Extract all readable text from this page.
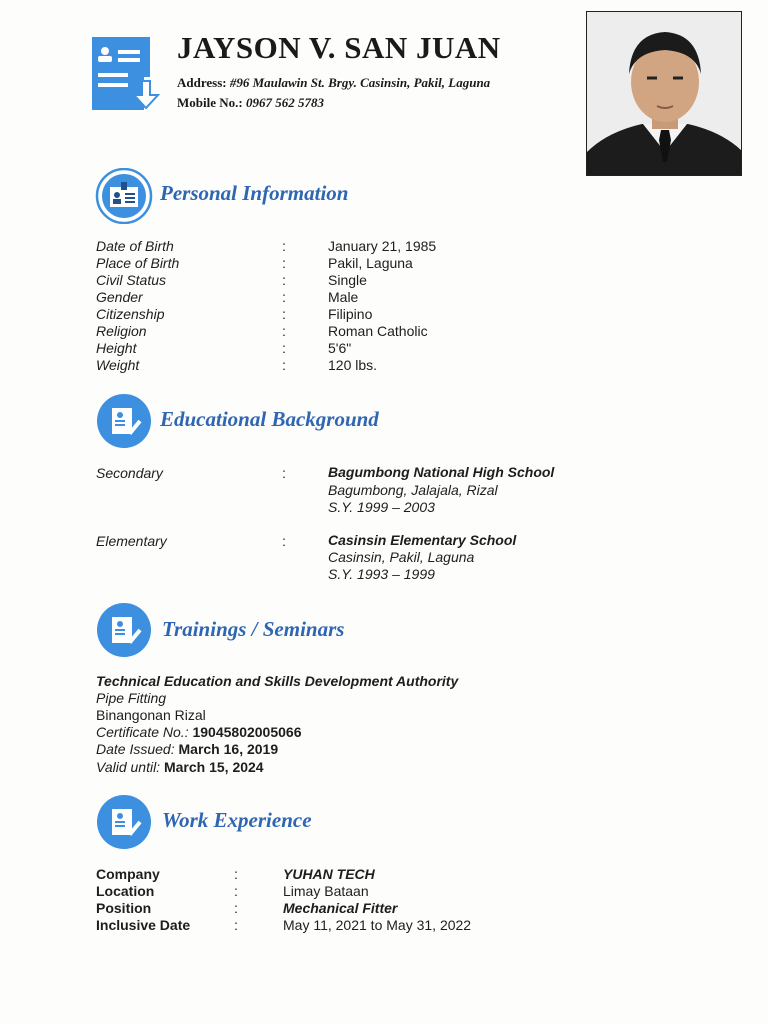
JAYSON V. SAN JUAN
Address: #96 Maulawin St. Brgy. Casinsin, Pakil, Laguna
Mobile No.: 0967 562 5783
Personal Information
Date of Birth	:	January 21, 1985
Place of Birth	:	Pakil, Laguna
Civil Status	:	Single
Gender	:	Male
Citizenship	:	Filipino
Religion	:	Roman Catholic
Height	:	5'6"
Weight	:	120 lbs.
Educational Background
Secondary	:	Bagumbong National High School
Bagumbong, Jalajala, Rizal
S.Y. 1999 – 2003
Elementary	:	Casinsin Elementary School
Casinsin, Pakil, Laguna
S.Y. 1993 – 1999
Trainings / Seminars
Technical Education and Skills Development Authority
Pipe Fitting
Binangonan Rizal
Certificate No.: 19045802005066
Date Issued: March 16, 2019
Valid until: March 15, 2024
Work Experience
Company	:	YUHAN TECH
Location	:	Limay Bataan
Position	:	Mechanical Fitter
Inclusive Date	:	May 11, 2021 to May 31, 2022
